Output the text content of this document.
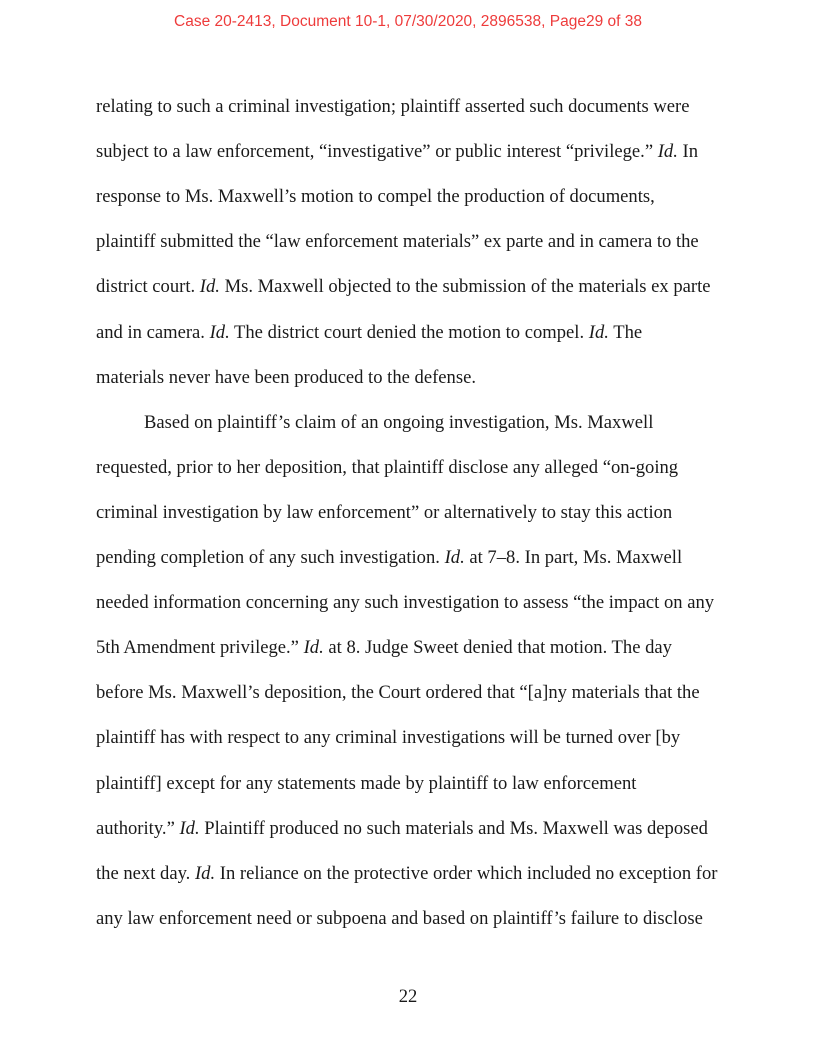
Case 20-2413, Document 10-1, 07/30/2020, 2896538, Page29 of 38
relating to such a criminal investigation; plaintiff asserted such documents were
subject to a law enforcement, “investigative” or public interest “privilege.” Id. In
response to Ms. Maxwell’s motion to compel the production of documents,
plaintiff submitted the “law enforcement materials” ex parte and in camera to the
district court. Id. Ms. Maxwell objected to the submission of the materials ex parte
and in camera. Id. The district court denied the motion to compel. Id. The
materials never have been produced to the defense.
Based on plaintiff’s claim of an ongoing investigation, Ms. Maxwell
requested, prior to her deposition, that plaintiff disclose any alleged “on-going
criminal investigation by law enforcement” or alternatively to stay this action
pending completion of any such investigation. Id. at 7–8. In part, Ms. Maxwell
needed information concerning any such investigation to assess “the impact on any
5th Amendment privilege.” Id. at 8. Judge Sweet denied that motion. The day
before Ms. Maxwell’s deposition, the Court ordered that “[a]ny materials that the
plaintiff has with respect to any criminal investigations will be turned over [by
plaintiff] except for any statements made by plaintiff to law enforcement
authority.” Id. Plaintiff produced no such materials and Ms. Maxwell was deposed
the next day. Id. In reliance on the protective order which included no exception for
any law enforcement need or subpoena and based on plaintiff’s failure to disclose
22
